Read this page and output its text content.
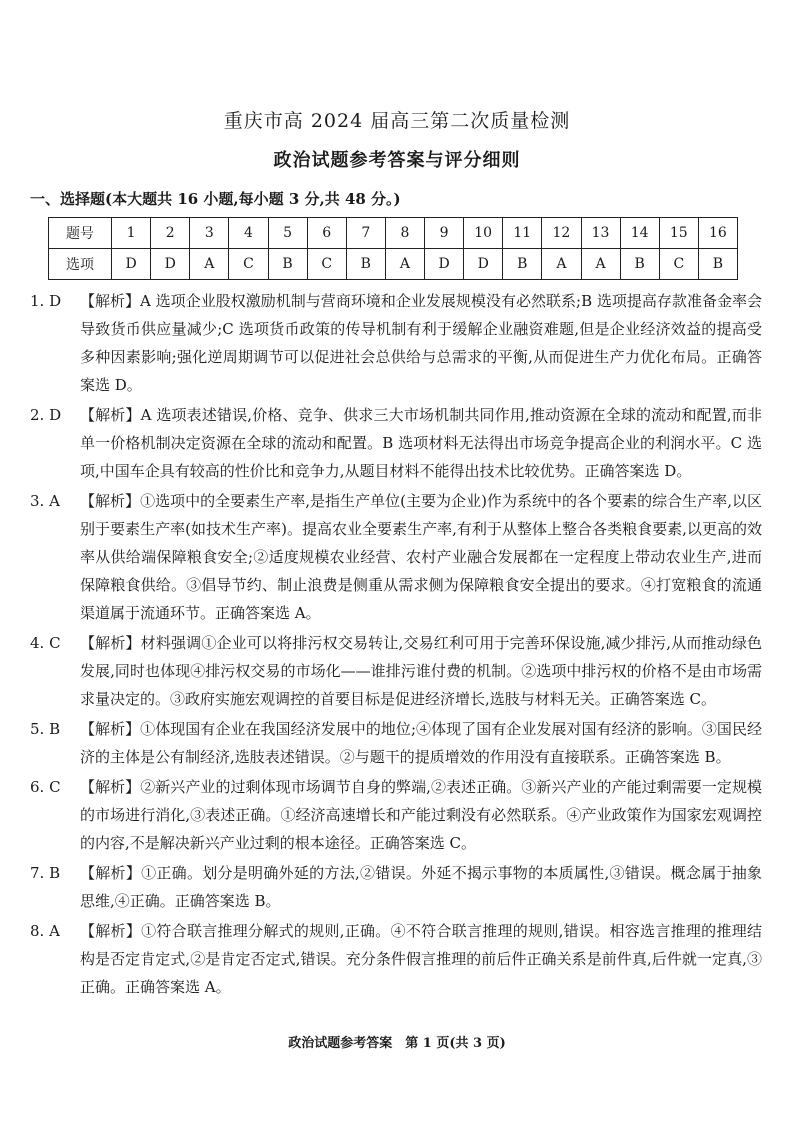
重庆市高 2024 届高三第二次质量检测
政治试题参考答案与评分细则
一、选择题(本大题共 16 小题,每小题 3 分,共 48 分。)
题号	1	2	3	4	5	6	7	8	9	10	11	12	13	14	15	16
选项	D	D	A	C	B	C	B	A	D	D	B	A	A	B	C	B
1. D 【解析】A 选项企业股权激励机制与营商环境和企业发展规模没有必然联系;B 选项提高存款准备金率会导致货币供应量减少;C 选项货币政策的传导机制有利于缓解企业融资难题,但是企业经济效益的提高受多种因素影响;强化逆周期调节可以促进社会总供给与总需求的平衡,从而促进生产力优化布局。正确答案选 D。
2. D 【解析】A 选项表述错误,价格、竞争、供求三大市场机制共同作用,推动资源在全球的流动和配置,而非单一价格机制决定资源在全球的流动和配置。B 选项材料无法得出市场竞争提高企业的利润水平。C 选项,中国车企具有较高的性价比和竞争力,从题目材料不能得出技术比较优势。正确答案选 D。
3. A 【解析】①选项中的全要素生产率,是指生产单位(主要为企业)作为系统中的各个要素的综合生产率,以区别于要素生产率(如技术生产率)。提高农业全要素生产率,有利于从整体上整合各类粮食要素,以更高的效率从供给端保障粮食安全;②适度规模农业经营、农村产业融合发展都在一定程度上带动农业生产,进而保障粮食供给。③倡导节约、制止浪费是侧重从需求侧为保障粮食安全提出的要求。④打宽粮食的流通渠道属于流通环节。正确答案选 A。
4. C 【解析】材料强调①企业可以将排污权交易转让,交易红利可用于完善环保设施,减少排污,从而推动绿色发展,同时也体现④排污权交易的市场化——谁排污谁付费的机制。②选项中排污权的价格不是由市场需求量决定的。③政府实施宏观调控的首要目标是促进经济增长,选肢与材料无关。正确答案选 C。
5. B 【解析】①体现国有企业在我国经济发展中的地位;④体现了国有企业发展对国有经济的影响。③国民经济的主体是公有制经济,选肢表述错误。②与题干的提质增效的作用没有直接联系。正确答案选 B。
6. C 【解析】②新兴产业的过剩体现市场调节自身的弊端,②表述正确。③新兴产业的产能过剩需要一定规模的市场进行消化,③表述正确。①经济高速增长和产能过剩没有必然联系。④产业政策作为国家宏观调控的内容,不是解决新兴产业过剩的根本途径。正确答案选 C。
7. B 【解析】①正确。划分是明确外延的方法,②错误。外延不揭示事物的本质属性,③错误。概念属于抽象思维,④正确。正确答案选 B。
8. A 【解析】①符合联言推理分解式的规则,正确。④不符合联言推理的规则,错误。相容选言推理的推理结构是否定肯定式,②是肯定否定式,错误。充分条件假言推理的前后件正确关系是前件真,后件就一定真,③正确。正确答案选 A。
政治试题参考答案　第 1 页(共 3 页)
